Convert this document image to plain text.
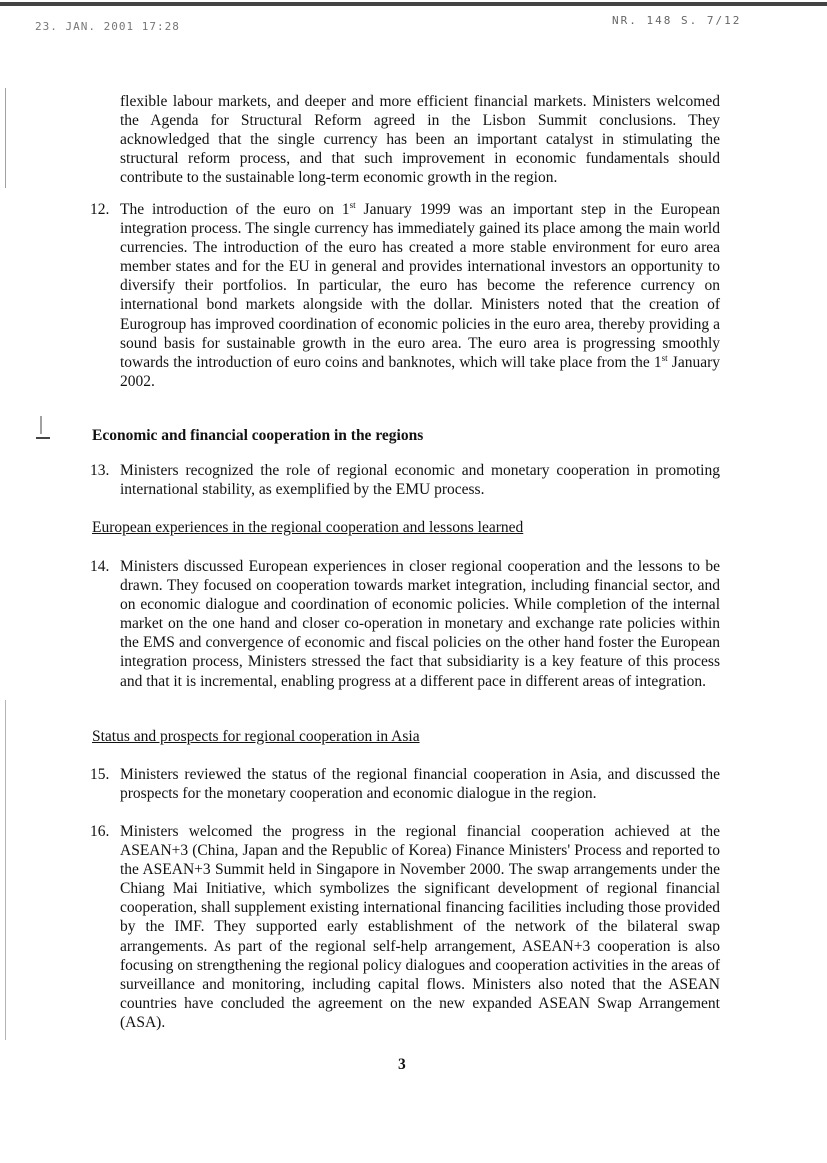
23. JAN. 2001 17:28	NR. 148 S. 7/12
flexible labour markets, and deeper and more efficient financial markets. Ministers welcomed the Agenda for Structural Reform agreed in the Lisbon Summit conclusions. They acknowledged that the single currency has been an important catalyst in stimulating the structural reform process, and that such improvement in economic fundamentals should contribute to the sustainable long-term economic growth in the region.
12. The introduction of the euro on 1st January 1999 was an important step in the European integration process. The single currency has immediately gained its place among the main world currencies. The introduction of the euro has created a more stable environment for euro area member states and for the EU in general and provides international investors an opportunity to diversify their portfolios. In particular, the euro has become the reference currency on international bond markets alongside with the dollar. Ministers noted that the creation of Eurogroup has improved coordination of economic policies in the euro area, thereby providing a sound basis for sustainable growth in the euro area. The euro area is progressing smoothly towards the introduction of euro coins and banknotes, which will take place from the 1st January 2002.
Economic and financial cooperation in the regions
13. Ministers recognized the role of regional economic and monetary cooperation in promoting international stability, as exemplified by the EMU process.
European experiences in the regional cooperation and lessons learned
14. Ministers discussed European experiences in closer regional cooperation and the lessons to be drawn. They focused on cooperation towards market integration, including financial sector, and on economic dialogue and coordination of economic policies. While completion of the internal market on the one hand and closer co-operation in monetary and exchange rate policies within the EMS and convergence of economic and fiscal policies on the other hand foster the European integration process, Ministers stressed the fact that subsidiarity is a key feature of this process and that it is incremental, enabling progress at a different pace in different areas of integration.
Status and prospects for regional cooperation in Asia
15. Ministers reviewed the status of the regional financial cooperation in Asia, and discussed the prospects for the monetary cooperation and economic dialogue in the region.
16. Ministers welcomed the progress in the regional financial cooperation achieved at the ASEAN+3 (China, Japan and the Republic of Korea) Finance Ministers' Process and reported to the ASEAN+3 Summit held in Singapore in November 2000. The swap arrangements under the Chiang Mai Initiative, which symbolizes the significant development of regional financial cooperation, shall supplement existing international financing facilities including those provided by the IMF. They supported early establishment of the network of the bilateral swap arrangements. As part of the regional self-help arrangement, ASEAN+3 cooperation is also focusing on strengthening the regional policy dialogues and cooperation activities in the areas of surveillance and monitoring, including capital flows. Ministers also noted that the ASEAN countries have concluded the agreement on the new expanded ASEAN Swap Arrangement (ASA).
3
